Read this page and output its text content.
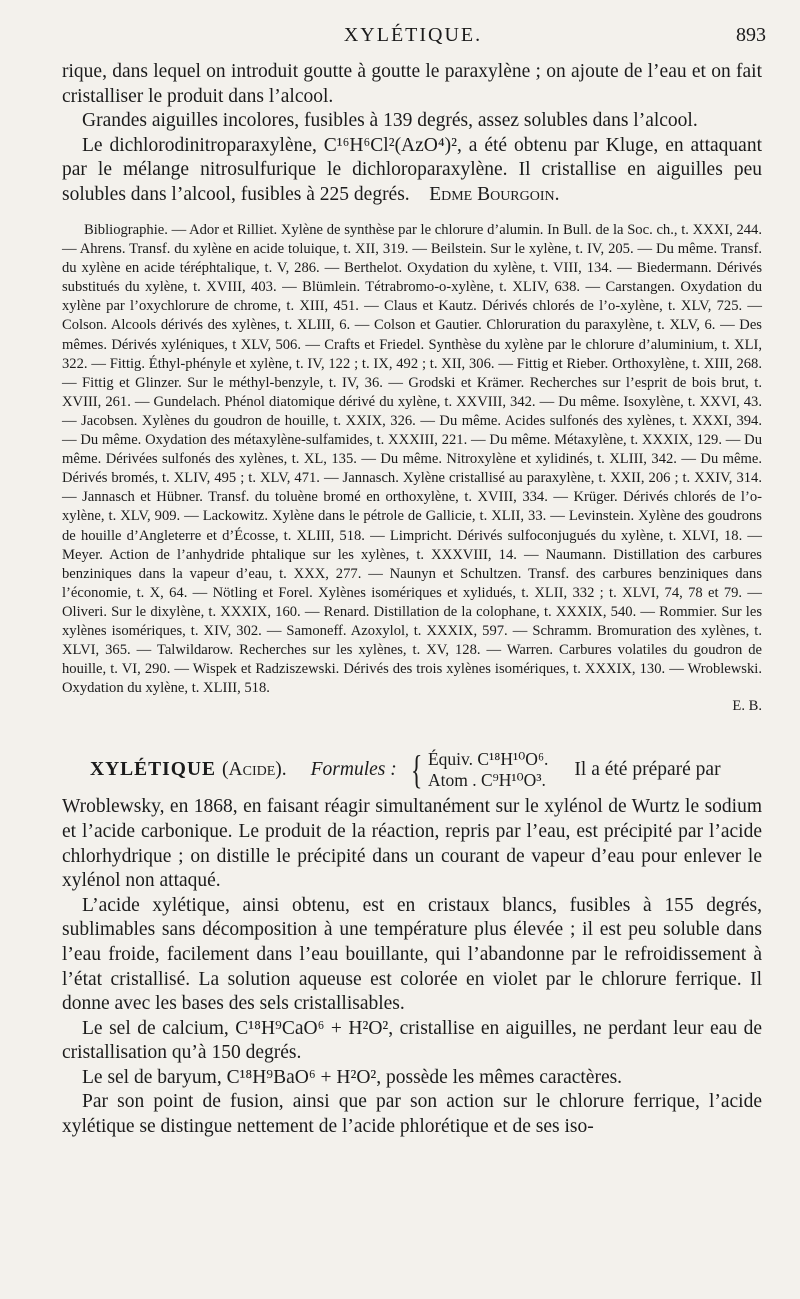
XYLÉTIQUE.	893

rique, dans lequel on introduit goutte à goutte le paraxylène ; on ajoute de l’eau et on fait cristalliser le produit dans l’alcool.

Grandes aiguilles incolores, fusibles à 139 degrés, assez solubles dans l’alcool.

Le dichlorodinitroparaxylène, C¹⁶H⁶Cl²(AzO⁴)², a été obtenu par Kluge, en attaquant par le mélange nitrosulfurique le dichloroparaxylène. Il cristallise en aiguilles peu solubles dans l’alcool, fusibles à 225 degrés. Edme Bourgoin.

Bibliographie. — Ador et Rilliet. Xylène de synthèse par le chlorure d’alumin. In Bull. de la Soc. ch., t. XXXI, 244. — Ahrens. Transf. du xylène en acide toluique, t. XII, 319. — Beilstein. Sur le xylène, t. IV, 205. — Du même. Transf. du xylène en acide téréphtalique, t. V, 286. — Berthelot. Oxydation du xylène, t. VIII, 134. — Biedermann. Dérivés substitués du xylène, t. XVIII, 403. — Blümlein. Tétrabromo-o-xylène, t. XLIV, 638. — Carstangen. Oxydation du xylène par l’oxychlorure de chrome, t. XIII, 451. — Claus et Kautz. Dérivés chlorés de l’o-xylène, t. XLV, 725. — Colson. Alcools dérivés des xylènes, t. XLIII, 6. — Colson et Gautier. Chloruration du paraxylène, t. XLV, 6. — Des mêmes. Dérivés xyléniques, t XLV, 506. — Crafts et Friedel. Synthèse du xylène par le chlorure d’aluminium, t. XLI, 322. — Fittig. Éthyl-phényle et xylène, t. IV, 122 ; t. IX, 492 ; t. XII, 306. — Fittig et Rieber. Orthoxylène, t. XIII, 268. — Fittig et Glinzer. Sur le méthyl-benzyle, t. IV, 36. — Grodski et Krämer. Recherches sur l’esprit de bois brut, t. XVIII, 261. — Gundelach. Phénol diatomique dérivé du xylène, t. XXVIII, 342. — Du même. Isoxylène, t. XXVI, 43. — Jacobsen. Xylènes du goudron de houille, t. XXIX, 326. — Du même. Acides sulfonés des xylènes, t. XXXI, 394. — Du même. Oxydation des métaxylène-sulfamides, t. XXXIII, 221. — Du même. Métaxylène, t. XXXIX, 129. — Du même. Dérivées sulfonés des xylènes, t. XL, 135. — Du même. Nitroxylène et xylidinés, t. XLIII, 342. — Du même. Dérivés bromés, t. XLIV, 495 ; t. XLV, 471. — Jannasch. Xylène cristallisé au paraxylène, t. XXII, 206 ; t. XXIV, 314. — Jannasch et Hübner. Transf. du toluène bromé en orthoxylène, t. XVIII, 334. — Krüger. Dérivés chlorés de l’o-xylène, t. XLV, 909. — Lackowitz. Xylène dans le pétrole de Gallicie, t. XLII, 33. — Levinstein. Xylène des goudrons de houille d’Angleterre et d’Écosse, t. XLIII, 518. — Limpricht. Dérivés sulfoconjugués du xylène, t. XLVI, 18. — Meyer. Action de l’anhydride phtalique sur les xylènes, t. XXXVIII, 14. — Naumann. Distillation des carbures benziniques dans la vapeur d’eau, t. XXX, 277. — Naunyn et Schultzen. Transf. des carbures benziniques dans l’économie, t. X, 64. — Nötling et Forel. Xylènes isomériques et xylidués, t. XLII, 332 ; t. XLVI, 74, 78 et 79. — Oliveri. Sur le dixylène, t. XXXIX, 160. — Renard. Distillation de la colophane, t. XXXIX, 540. — Rommier. Sur les xylènes isomériques, t. XIV, 302. — Samoneff. Azoxylol, t. XXXIX, 597. — Schramm. Bromuration des xylènes, t. XLVI, 365. — Talwildarow. Recherches sur les xylènes, t. XV, 128. — Warren. Carbures volatiles du goudron de houille, t. VI, 290. — Wispek et Radziszewski. Dérivés des trois xylènes isomériques, t. XXXIX, 130. — Wroblewski. Oxydation du xylène, t. XLIII, 518.

E. B.
XYLÉTIQUE (Acide). Formules : { Équiv. C¹⁸H¹⁰O⁶.
Atom . C⁹H¹⁰O³. Il a été préparé par

Wroblewsky, en 1868, en faisant réagir simultanément sur le xylénol de Wurtz le sodium et l’acide carbonique. Le produit de la réaction, repris par l’eau, est précipité par l’acide chlorhydrique ; on distille le précipité dans un courant de vapeur d’eau pour enlever le xylénol non attaqué.

L’acide xylétique, ainsi obtenu, est en cristaux blancs, fusibles à 155 degrés, sublimables sans décomposition à une température plus élevée ; il est peu soluble dans l’eau froide, facilement dans l’eau bouillante, qui l’abandonne par le refroidissement à l’état cristallisé. La solution aqueuse est colorée en violet par le chlorure ferrique. Il donne avec les bases des sels cristallisables.

Le sel de calcium, C¹⁸H⁹CaO⁶ + H²O², cristallise en aiguilles, ne perdant leur eau de cristallisation qu’à 150 degrés.

Le sel de baryum, C¹⁸H⁹BaO⁶ + H²O², possède les mêmes caractères.

Par son point de fusion, ainsi que par son action sur le chlorure ferrique, l’acide xylétique se distingue nettement de l’acide phlorétique et de ses iso-
